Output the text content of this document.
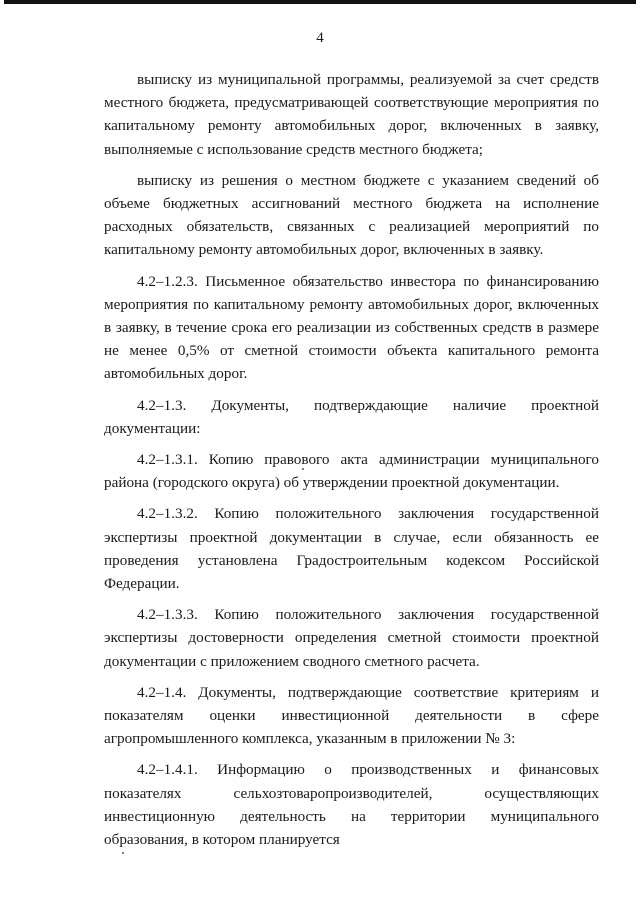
4

выписку из муниципальной программы, реализуемой за счет средств местного бюджета, предусматривающей соответствующие мероприятия по капитальному ремонту автомобильных дорог, включенных в заявку, выполняемые с использование средств местного бюджета;

выписку из решения о местном бюджете с указанием сведений об объеме бюджетных ассигнований местного бюджета на исполнение расходных обязательств, связанных с реализацией мероприятий по капитальному ремонту автомобильных дорог, включенных в заявку.

4.2–1.2.3. Письменное обязательство инвестора по финансированию мероприятия по капитальному ремонту автомобильных дорог, включенных в заявку, в течение срока его реализации из собственных средств в размере не менее 0,5% от сметной стоимости объекта капитального ремонта автомобильных дорог.

4.2–1.3. Документы, подтверждающие наличие проектной документации:

4.2–1.3.1. Копию правового акта администрации муниципального района (городского округа) об утверждении проектной документации.

4.2–1.3.2. Копию положительного заключения государственной экспертизы проектной документации в случае, если обязанность ее проведения установлена Градостроительным кодексом Российской Федерации.

4.2–1.3.3. Копию положительного заключения государственной экспертизы достоверности определения сметной стоимости проектной документации с приложением сводного сметного расчета.

4.2–1.4. Документы, подтверждающие соответствие критериям и показателям оценки инвестиционной деятельности в сфере агропромышленного комплекса, указанным в приложении № 3:

4.2–1.4.1. Информацию о производственных и финансовых показателях сельхозтоваропроизводителей, осуществляющих инвестиционную деятельность на территории муниципального образования, в котором планируется
